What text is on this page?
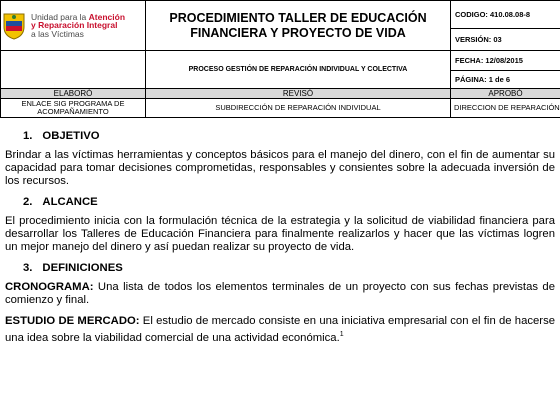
Unidad para la Atención
y Reparación Integral
a las Víctimas	PROCEDIMIENTO TALLER DE EDUCACIÓN FINANCIERA Y PROYECTO DE VIDA	CODIGO: 410.08.08-8
		VERSIÓN: 03
	PROCESO GESTIÓN DE REPARACIÓN INDIVIDUAL Y COLECTIVA	FECHA: 12/08/2015
		PÁGINA: 1 de 6
ELABORÓ	REVISÓ	APROBÓ
ENLACE SIG PROGRAMA DE ACOMPAÑAMIENTO	SUBDIRECCIÓN DE REPARACIÓN INDIVIDUAL	DIRECCION DE REPARACIÓN
1. OBJETIVO

Brindar a las víctimas herramientas y conceptos básicos para el manejo del dinero, con el fin de aumentar su capacidad para tomar decisiones comprometidas, responsables y consientes sobre la adecuada inversión de los recursos.

2. ALCANCE

El procedimiento inicia con la formulación técnica de la estrategia y la solicitud de viabilidad financiera para desarrollar los Talleres de Educación Financiera para finalmente realizarlos y hacer que las víctimas logren un mejor manejo del dinero y así puedan realizar su proyecto de vida.

3. DEFINICIONES

CRONOGRAMA: Una lista de todos los elementos terminales de un proyecto con sus fechas previstas de comienzo y final.

ESTUDIO DE MERCADO: El estudio de mercado consiste en una iniciativa empresarial con el fin de hacerse una idea sobre la viabilidad comercial de una actividad económica.$^1$
